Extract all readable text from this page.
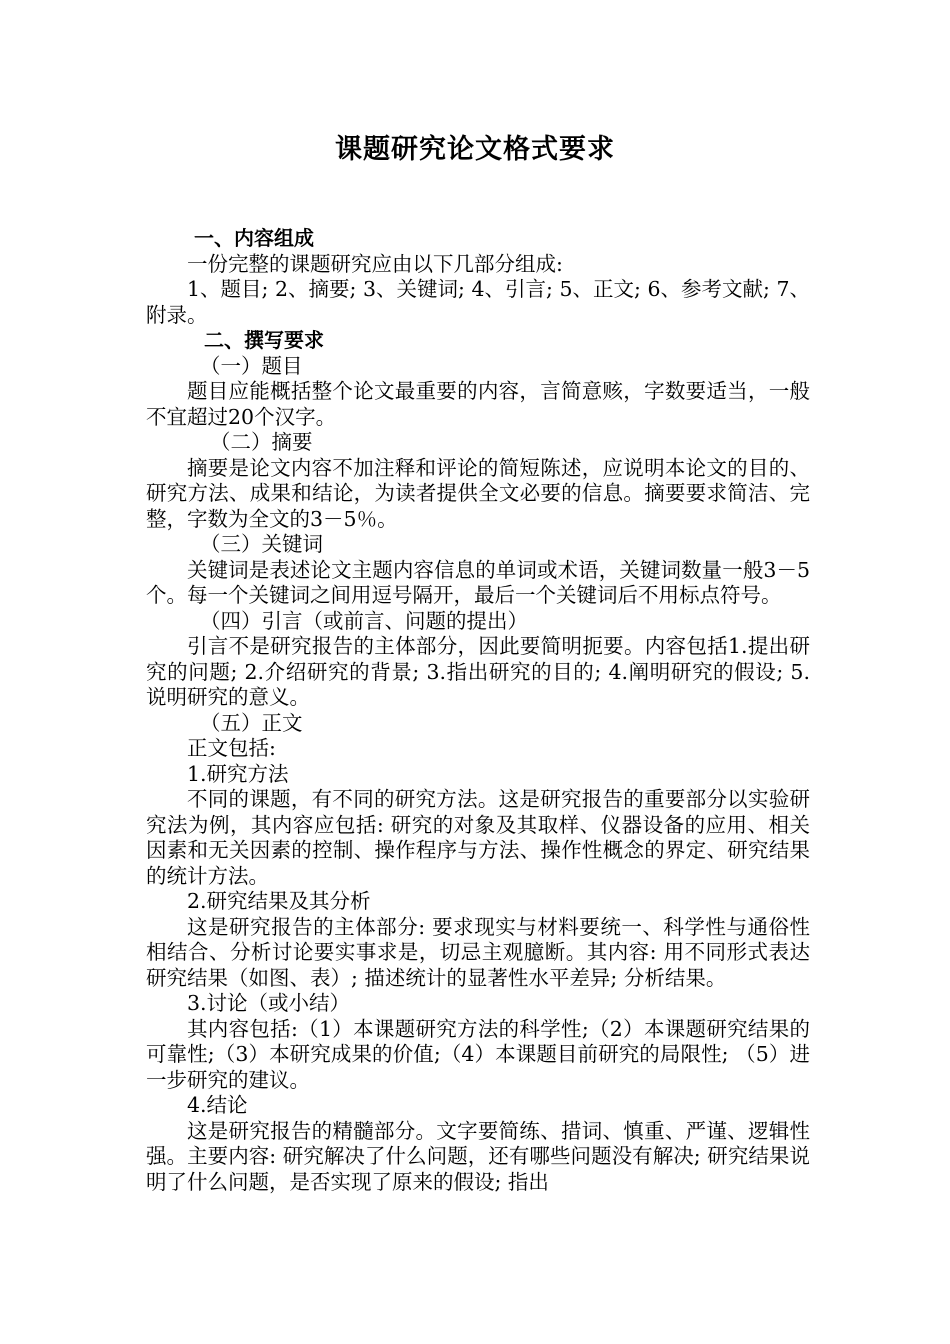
课题研究论文格式要求

一、内容组成

一份完整的课题研究应由以下几部分组成:

1、题目; 2、摘要; 3、关键词; 4、引言; 5、正文; 6、参考文献; 7、附录。

二、撰写要求

（一）题目

题目应能概括整个论文最重要的内容，言简意赅，字数要适当，一般不宜超过20个汉字。

（二）摘要

摘要是论文内容不加注释和评论的简短陈述，应说明本论文的目的、研究方法、成果和结论，为读者提供全文必要的信息。摘要要求简洁、完整，字数为全文的3－5％。

（三）关键词

关键词是表述论文主题内容信息的单词或术语，关键词数量一般3－5个。每一个关键词之间用逗号隔开，最后一个关键词后不用标点符号。

（四）引言（或前言、问题的提出）

引言不是研究报告的主体部分，因此要简明扼要。内容包括1.提出研究的问题; 2.介绍研究的背景; 3.指出研究的目的; 4.阐明研究的假设; 5.说明研究的意义。

（五）正文

正文包括:

1.研究方法

不同的课题，有不同的研究方法。这是研究报告的重要部分以实验研究法为例，其内容应包括: 研究的对象及其取样、仪器设备的应用、相关因素和无关因素的控制、操作程序与方法、操作性概念的界定、研究结果的统计方法。

2.研究结果及其分析

这是研究报告的主体部分: 要求现实与材料要统一、科学性与通俗性相结合、分析讨论要实事求是，切忌主观臆断。其内容: 用不同形式表达研究结果（如图、表）; 描述统计的显著性水平差异; 分析结果。

3.讨论（或小结）

其内容包括:（1）本课题研究方法的科学性;（2）本课题研究结果的可靠性;（3）本研究成果的价值;（4）本课题目前研究的局限性; （5）进一步研究的建议。

4.结论

这是研究报告的精髓部分。文字要简练、措词、慎重、严谨、逻辑性强。主要内容: 研究解决了什么问题，还有哪些问题没有解决; 研究结果说明了什么问题，是否实现了原来的假设; 指出
